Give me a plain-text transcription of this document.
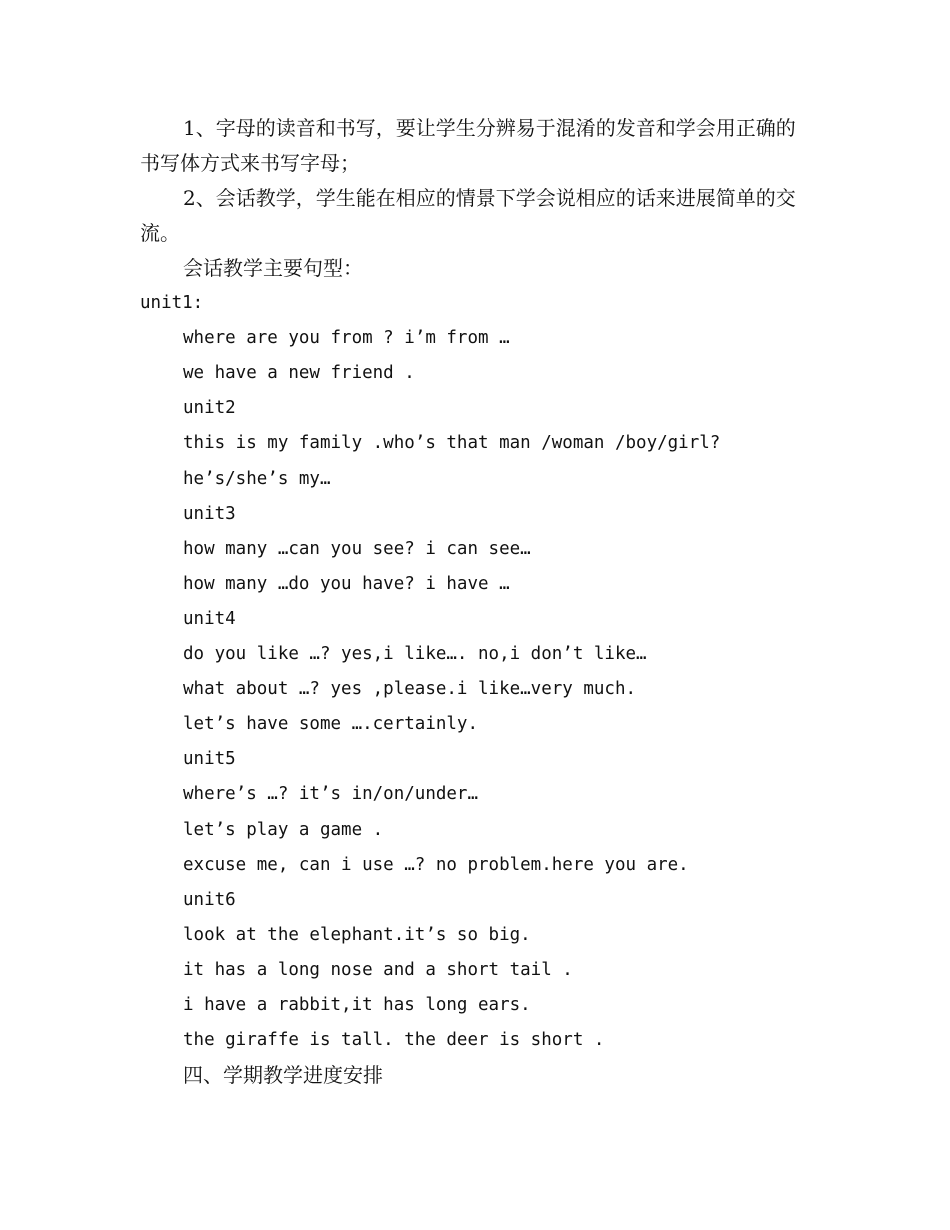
1、字母的读音和书写，要让学生分辨易于混淆的发音和学会用正确的书写体方式来书写字母；

2、会话教学，学生能在相应的情景下学会说相应的话来进展简单的交流。

会话教学主要句型：

unit1:

where are you from ? i’m from …

we have a new friend .

unit2

this is my family .who’s that man /woman /boy/girl?

he’s/she’s my…

unit3

how many …can you see? i can see…

how many …do you have? i have …

unit4

do you like …? yes,i like…. no,i don’t like…

what about …? yes ,please.i like…very much.

let’s have some ….certainly.

unit5

where’s …? it’s in/on/under…

let’s play a game .

excuse me, can i use …? no problem.here you are.

unit6

look at the elephant.it’s so big.

it has a long nose and a short tail .

i have a rabbit,it has long ears.

the giraffe is tall. the deer is short .

四、学期教学进度安排
